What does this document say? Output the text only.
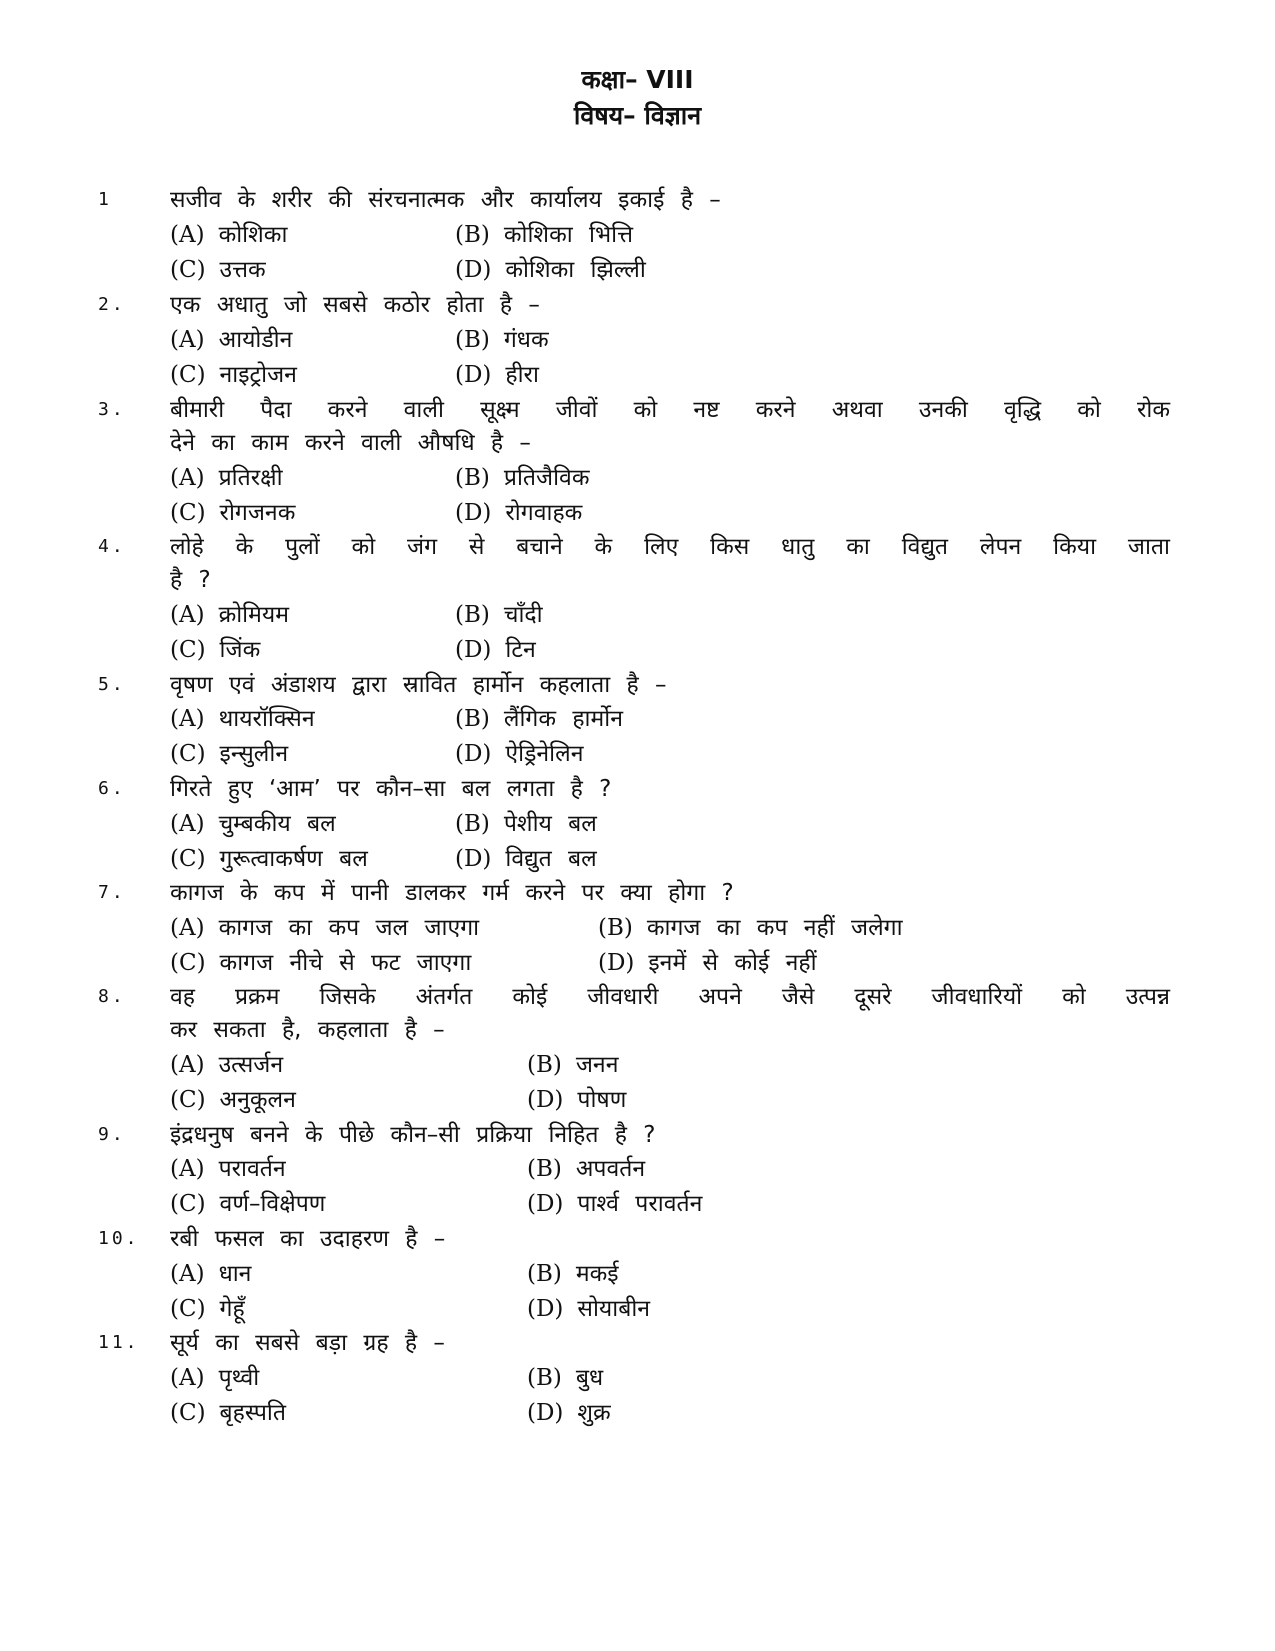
कक्षा– VIII
विषय– विज्ञान
1	सजीव के शरीर की संरचनात्मक और कार्यालय इकाई है –
(A) कोशिका	(B) कोशिका भित्ति
(C) उत्तक	(D) कोशिका झिल्ली
2.	एक अधातु जो सबसे कठोर होता है –
(A) आयोडीन	(B) गंधक
(C) नाइट्रोजन	(D) हीरा
3.	बीमारी पैदा करने वाली सूक्ष्म जीवों को नष्ट करने अथवा उनकी वृद्धि को रोक
देने का काम करने वाली औषधि है –
(A) प्रतिरक्षी	(B) प्रतिजैविक
(C) रोगजनक	(D) रोगवाहक
4.	लोहे के पुलों को जंग से बचाने के लिए किस धातु का विद्युत लेपन किया जाता
है ?
(A) क्रोमियम	(B) चाँदी
(C) जिंक	(D) टिन
5.	वृषण एवं अंडाशय द्वारा स्रावित हार्मोन कहलाता है –
(A) थायरॉक्सिन	(B) लैंगिक हार्मोन
(C) इन्सुलीन	(D) ऐड्रिनेलिन
6.	गिरते हुए ‘आम’ पर कौन–सा बल लगता है ?
(A) चुम्बकीय बल	(B) पेशीय बल
(C) गुरूत्वाकर्षण बल	(D) विद्युत बल
7.	कागज के कप में पानी डालकर गर्म करने पर क्या होगा ?
(A) कागज का कप जल जाएगा	(B) कागज का कप नहीं जलेगा
(C) कागज नीचे से फट जाएगा	(D) इनमें से कोई नहीं
8.	वह प्रक्रम जिसके अंतर्गत कोई जीवधारी अपने जैसे दूसरे जीवधारियों को उत्पन्न
कर सकता है, कहलाता है –
(A) उत्सर्जन	(B) जनन
(C) अनुकूलन	(D) पोषण
9.	इंद्रधनुष बनने के पीछे कौन–सी प्रक्रिया निहित है ?
(A) परावर्तन	(B) अपवर्तन
(C) वर्ण–विक्षेपण	(D) पार्श्व परावर्तन
10.	रबी फसल का उदाहरण है –
(A) धान	(B) मकई
(C) गेहूँ	(D) सोयाबीन
11.	सूर्य का सबसे बड़ा ग्रह है –
(A) पृथ्वी	(B) बुध
(C) बृहस्पति	(D) शुक्र
